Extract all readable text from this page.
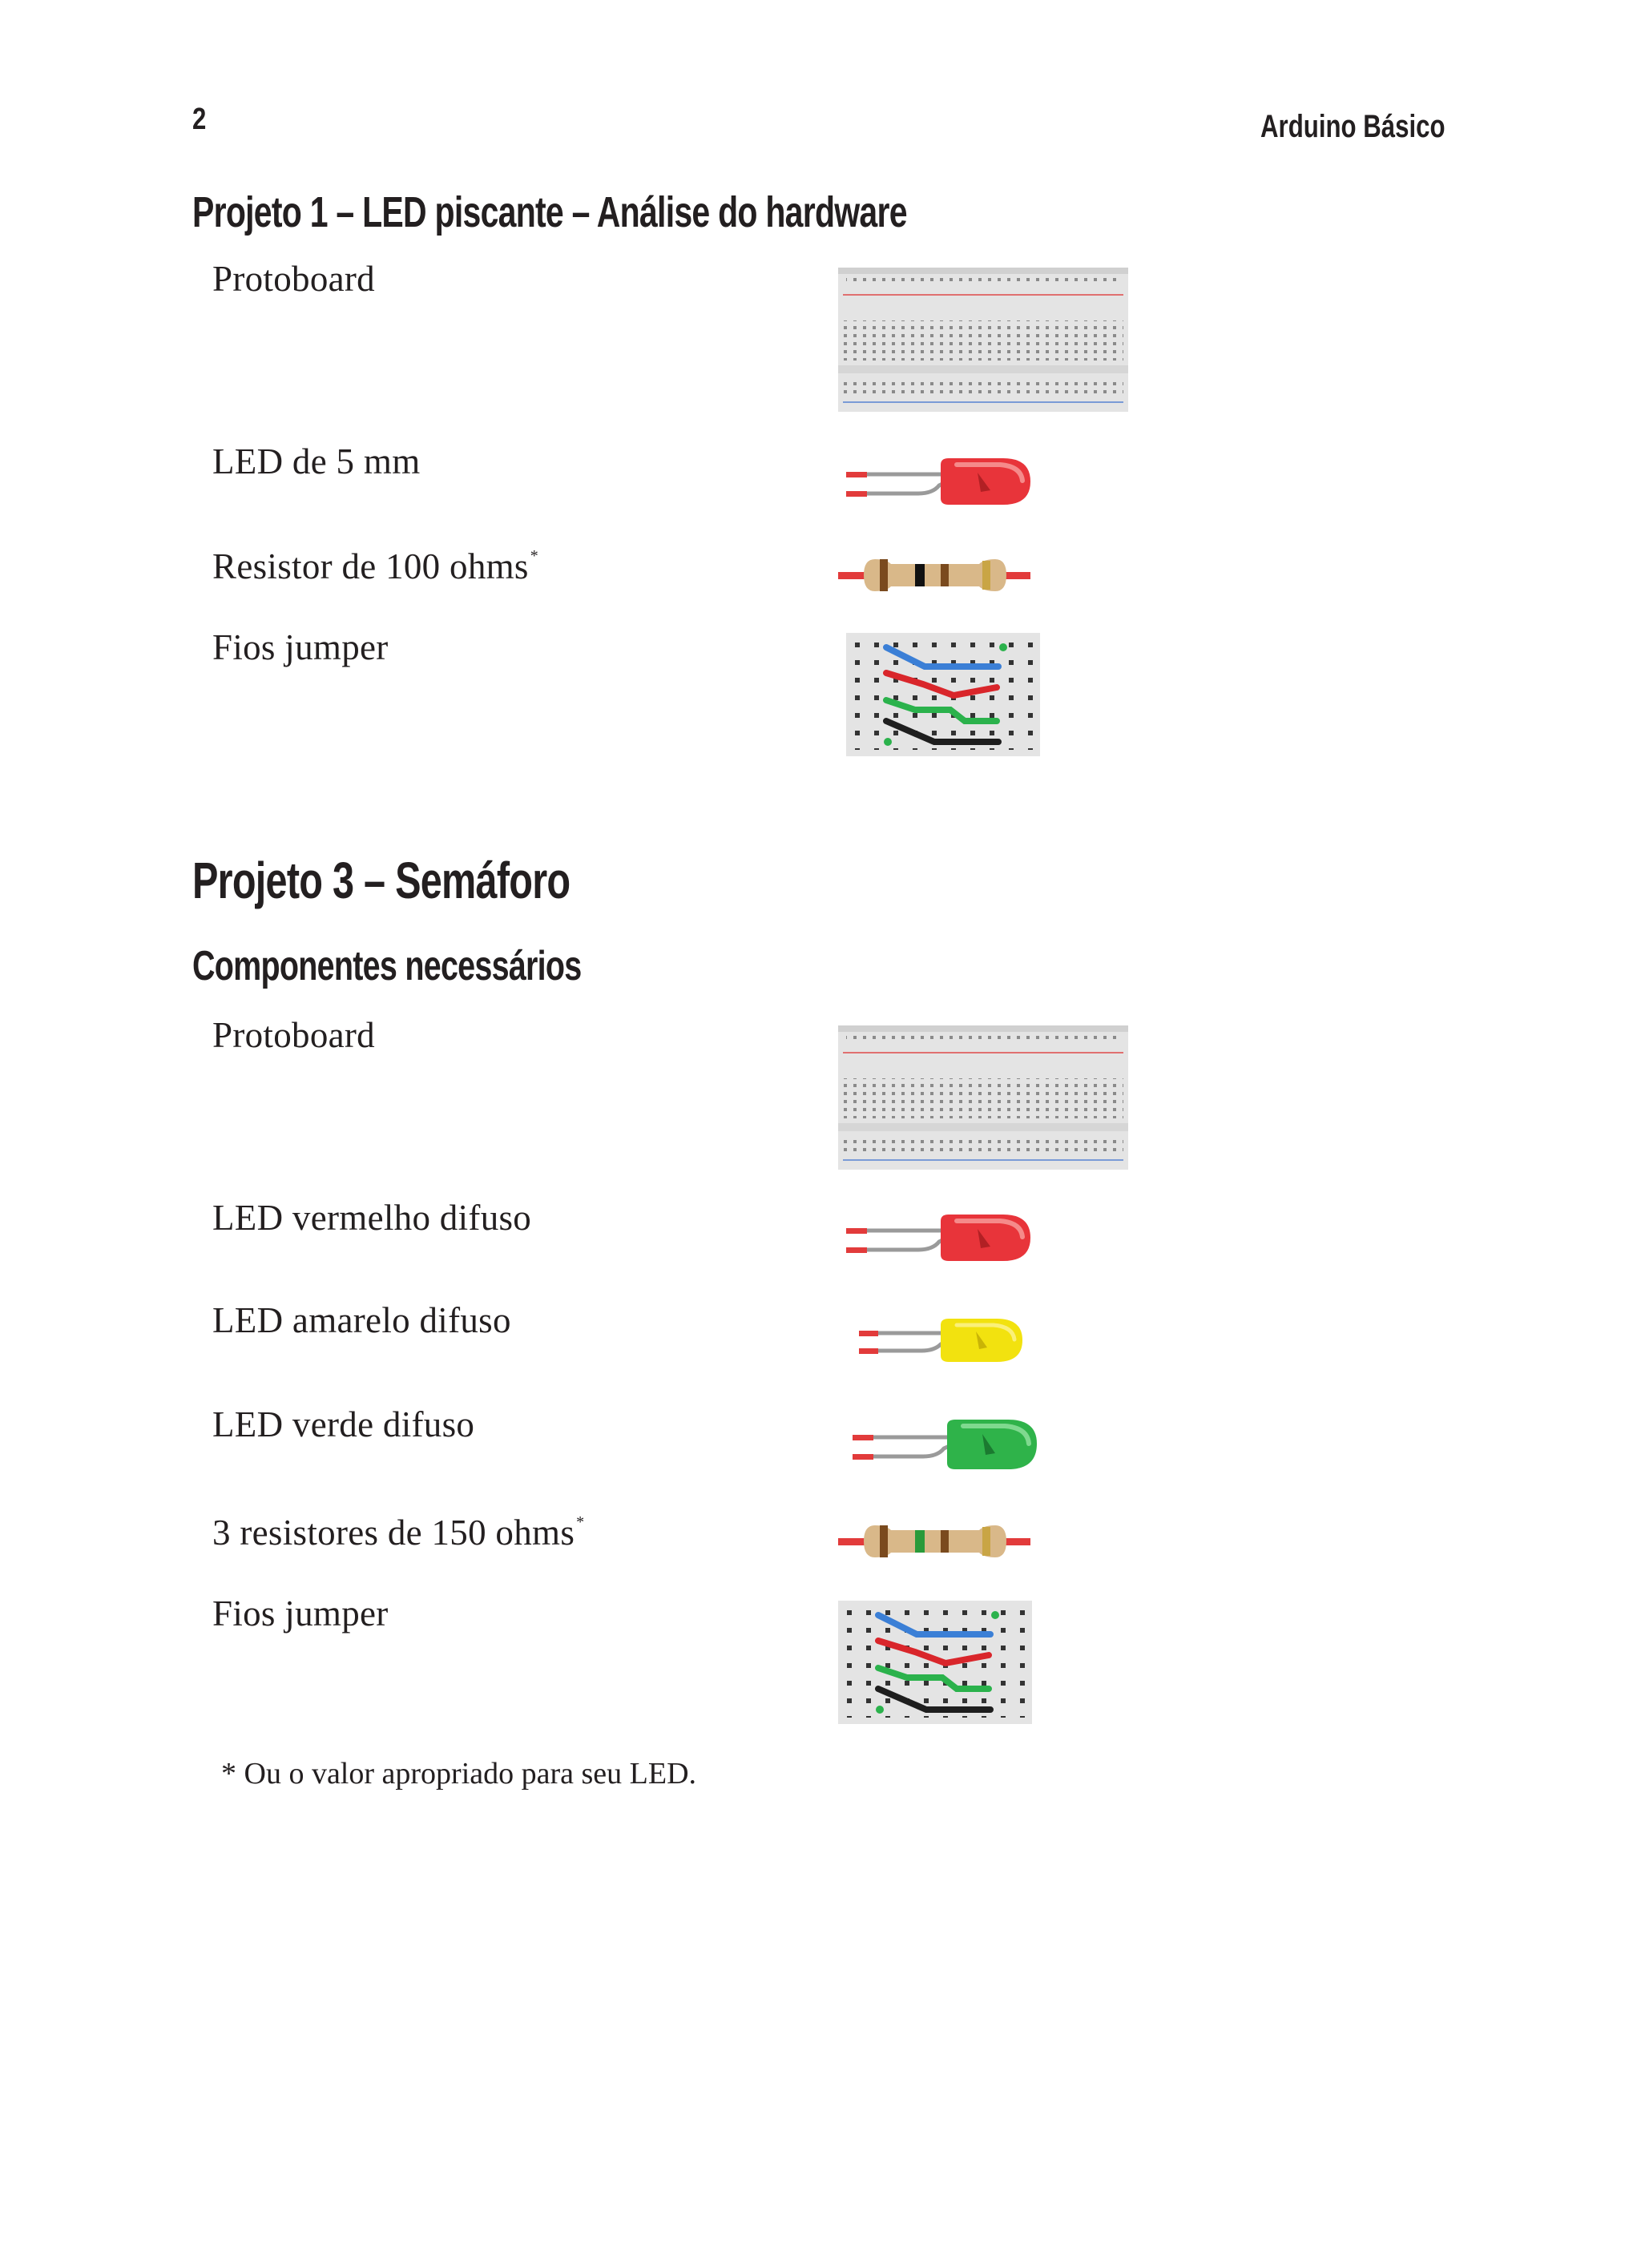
2	Arduino Básico
Projeto 1 – LED piscante – Análise do hardware
Protoboard
LED de 5 mm
Resistor de 100 ohms *
Fios jumper
Projeto 3 – Semáforo
Componentes necessários
Protoboard
LED vermelho difuso
LED amarelo difuso
LED verde difuso
3 resistores de 150 ohms *
Fios jumper
* Ou o valor apropriado para seu LED.
